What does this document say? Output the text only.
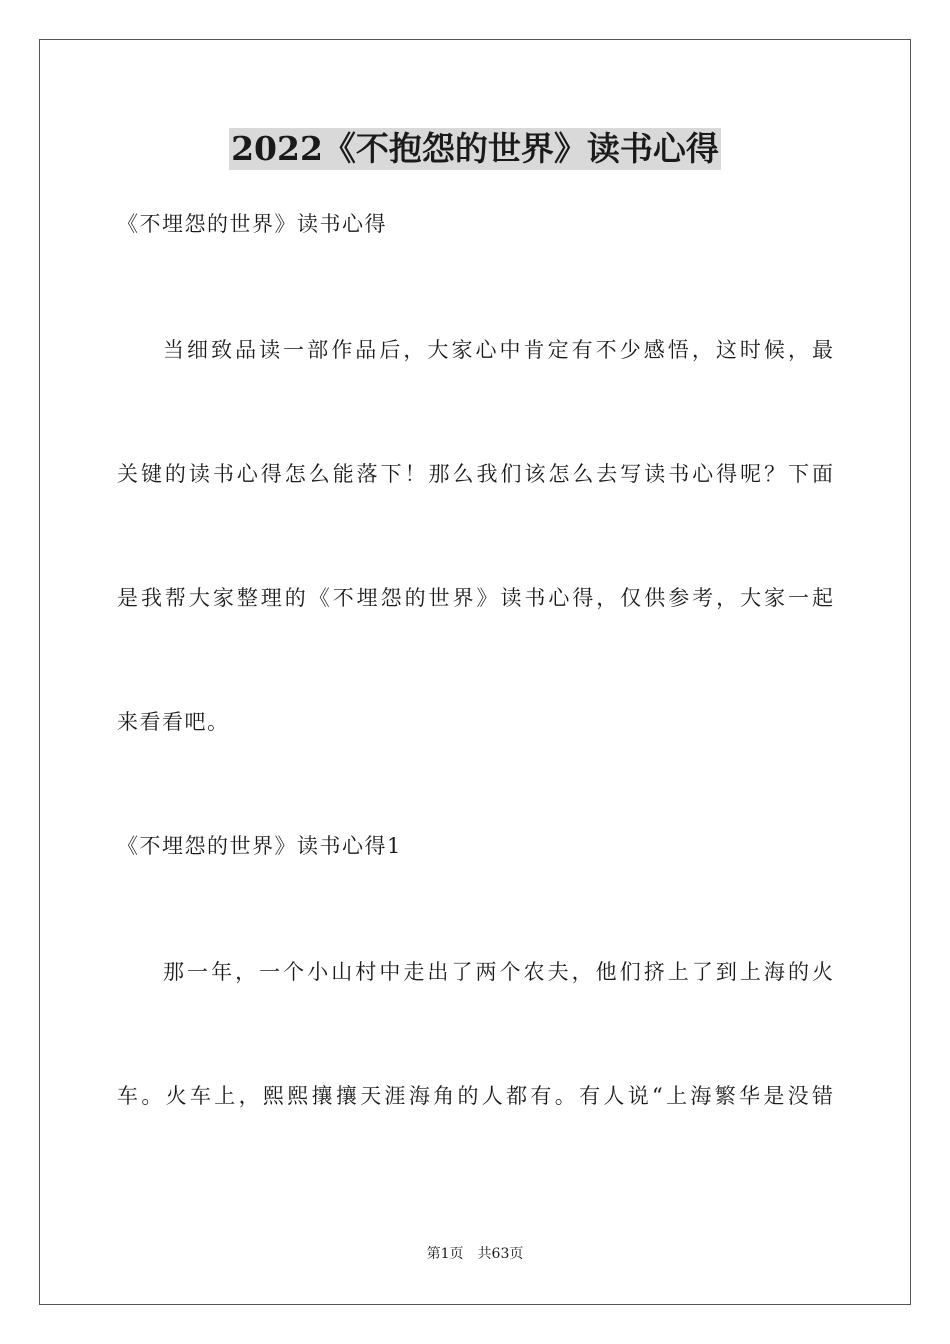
2022《不抱怨的世界》读书心得
《不埋怨的世界》读书心得
当细致品读一部作品后，大家心中肯定有不少感悟，这时候，最
关键的读书心得怎么能落下！那么我们该怎么去写读书心得呢？下面
是我帮大家整理的《不埋怨的世界》读书心得，仅供参考，大家一起
来看看吧。
《不埋怨的世界》读书心得1
那一年，一个小山村中走出了两个农夫，他们挤上了到上海的火
车。火车上，熙熙攘攘天涯海角的人都有。有人说“上海繁华是没错
第1页 共63页
